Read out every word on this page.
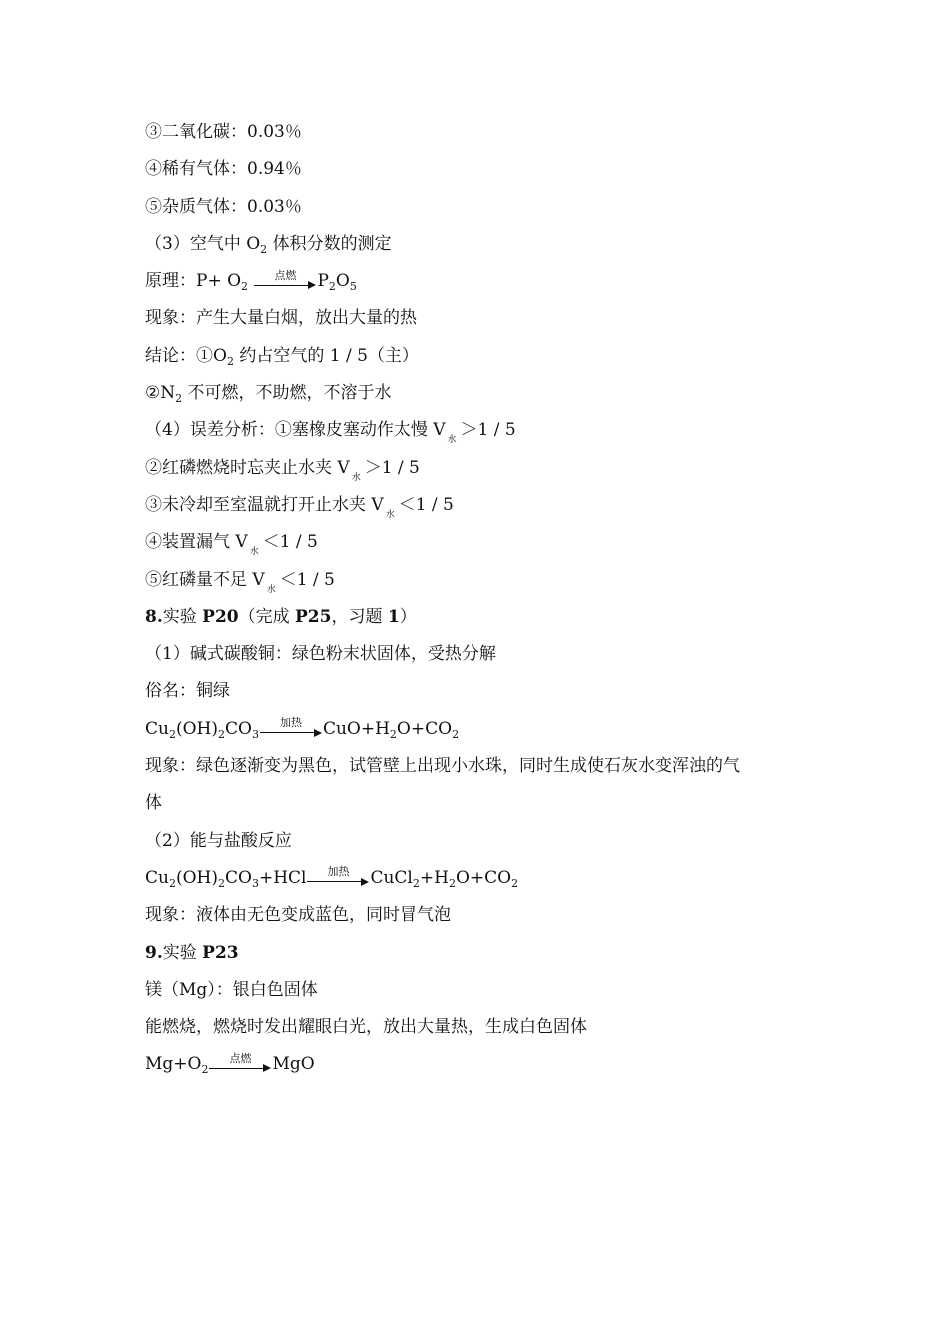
③二氧化碳：0.03％
④稀有气体：0.94％
⑤杂质气体：0.03％
（3）空气中 $O_2$ 体积分数的测定
原理：$P+ O_2$
点燃	$P_2O_5$
现象：产生大量白烟，放出大量的热
结论：$①O_2$ 约占空气的 1 / 5（主）
$②N_2$ 不可燃，不助燃，不溶于水
（4）误差分析：①塞橡皮塞动作太慢 V $_水$ ＞1 / 5
②红磷燃烧时忘夹止水夹 V $_水$ ＞1 / 5
③未冷却至室温就打开止水夹 V $_水$ ＜1 / 5
④装置漏气 V $_水$ ＜1 / 5
⑤红磷量不足 V $_水$ ＜1 / 5
8.实验 P20（完成 P25，习题 1）
（1）碱式碳酸铜：绿色粉末状固体，受热分解
俗名：铜绿
$Cu_2(OH)_2CO_3$
加热	$CuO+H_2O+CO_2$
现象：绿色逐渐变为黑色，试管壁上出现小水珠，同时生成使石灰水变浑浊的气
体
（2）能与盐酸反应
$Cu_2(OH)_2CO_3+HCl$	加热	$CuCl_2+H_2O+CO_2$
现象：液体由无色变成蓝色，同时冒气泡
9.实验 P23
镁（Mg）：银白色固体
能燃烧，燃烧时发出耀眼白光，放出大量热，生成白色固体
$Mg+O_2$
点燃	MgO
